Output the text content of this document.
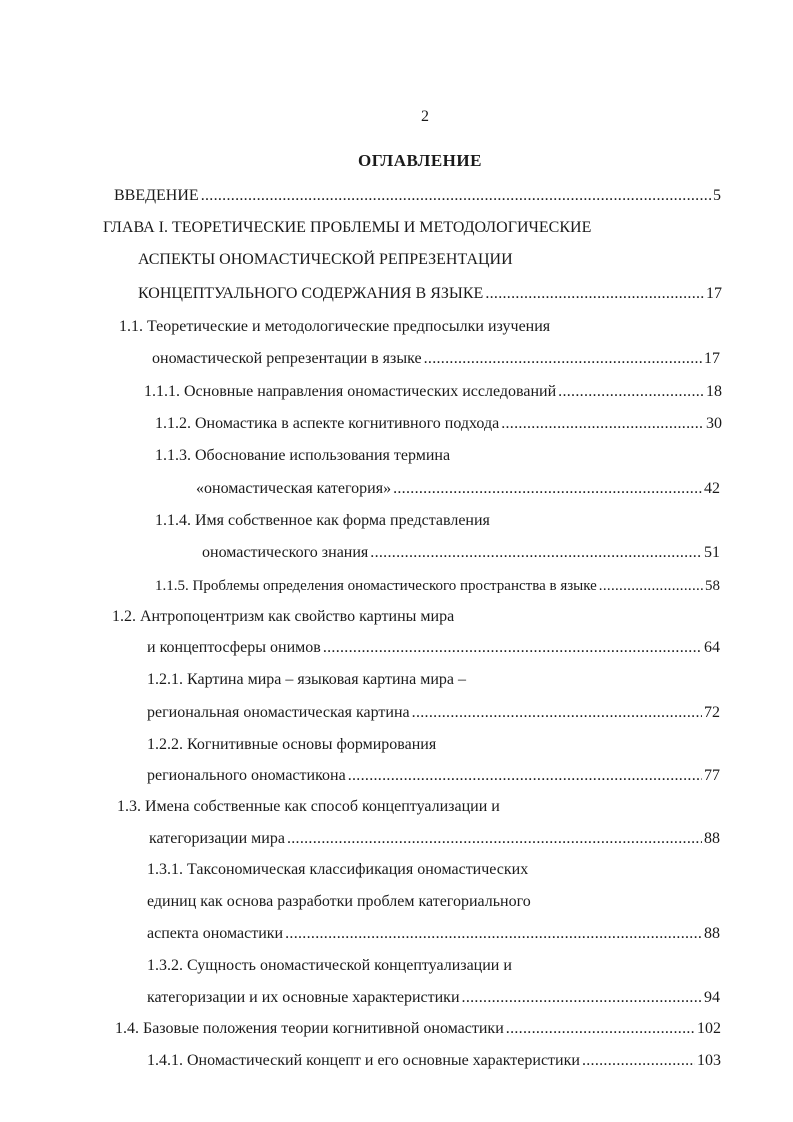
2
ОГЛАВЛЕНИЕ
ВВЕДЕНИЕ .....	5
ГЛАВА I. ТЕОРЕТИЧЕСКИЕ ПРОБЛЕМЫ И МЕТОДОЛОГИЧЕСКИЕ
АСПЕКТЫ ОНОМАСТИЧЕСКОЙ РЕПРЕЗЕНТАЦИИ
КОНЦЕПТУАЛЬНОГО СОДЕРЖАНИЯ В ЯЗЫКЕ .....	17
1.1. Теоретические и методологические предпосылки изучения
ономастической репрезентации в языке .....	17
1.1.1. Основные направления ономастических исследований .....	18
1.1.2. Ономастика в аспекте когнитивного подхода .....	30
1.1.3. Обоснование использования термина
«ономастическая категория» .....	42
1.1.4. Имя собственное как форма представления
ономастического знания .....	51
1.1.5. Проблемы определения ономастического пространства в языке .....	58
1.2. Антропоцентризм как свойство картины мира
и концептосферы онимов .....	64
1.2.1. Картина мира – языковая картина мира –
региональная ономастическая картина .....	72
1.2.2. Когнитивные основы формирования
регионального ономастикона .....	77
1.3. Имена собственные как способ концептуализации и
категоризации мира .....	88
1.3.1. Таксономическая классификация ономастических
единиц как основа разработки проблем категориального
аспекта ономастики .....	88
1.3.2. Сущность ономастической концептуализации и
категоризации и их основные характеристики .....	94
1.4. Базовые положения теории когнитивной ономастики .....	102
1.4.1. Ономастический концепт и его основные характеристики .....	103
